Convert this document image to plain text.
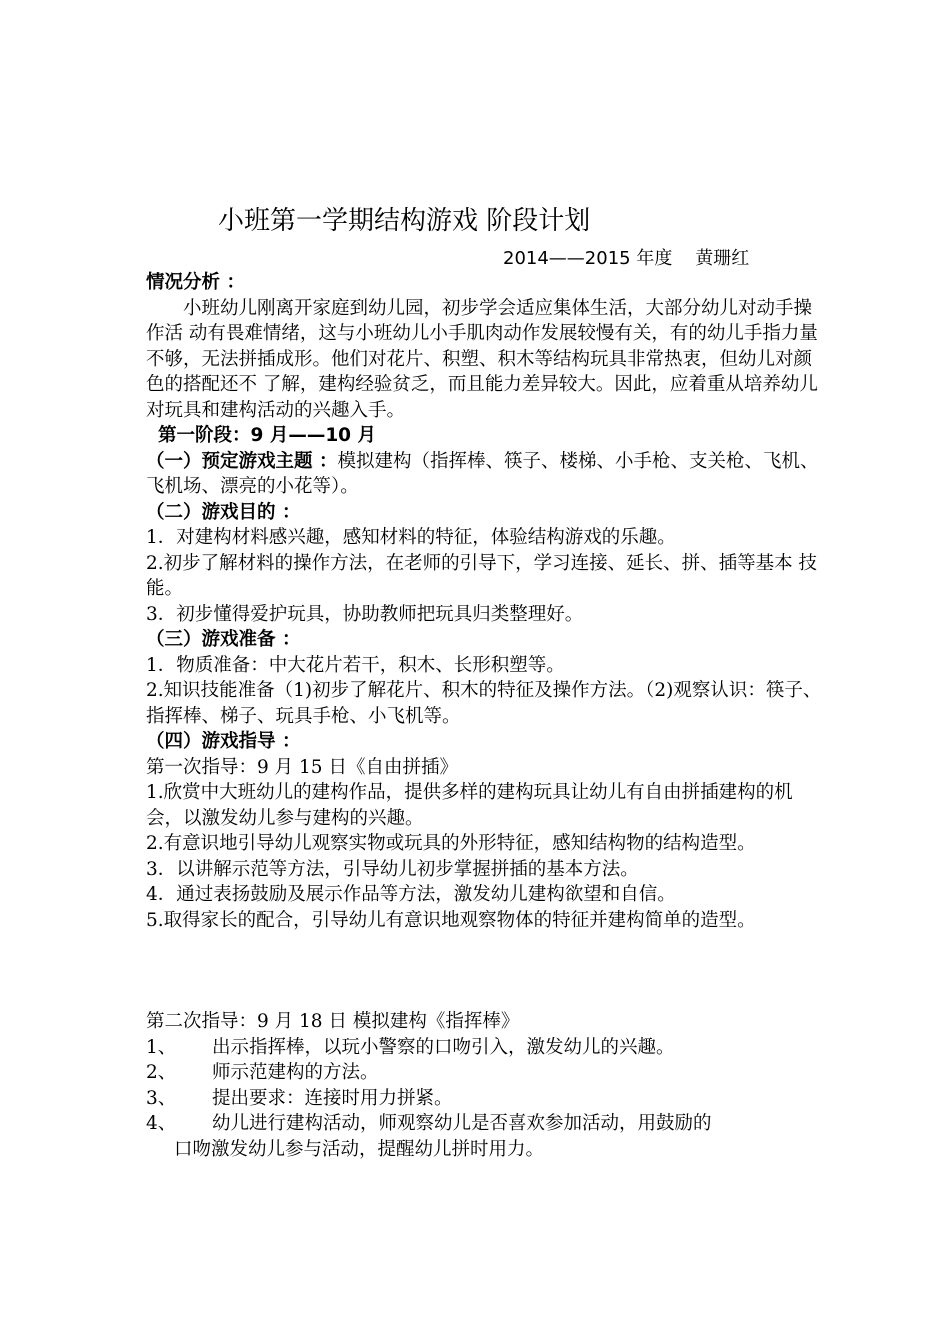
小班第一学期结构游戏 阶段计划
2014——2015 年度    黄珊红

情况分析 ：

小班幼儿刚离开家庭到幼儿园，初步学会适应集体生活，大部分幼儿对动手操作活 动有畏难情绪，这与小班幼儿小手肌肉动作发展较慢有关，有的幼儿手指力量不够，无法拼插成形。他们对花片、积塑、积木等结构玩具非常热衷，但幼儿对颜色的搭配还不 了解，建构经验贫乏，而且能力差异较大。因此，应着重从培养幼儿对玩具和建构活动的兴趣入手。

第一阶段：9 月——10 月

（一）预定游戏主题 ：模拟建构（指挥棒、筷子、楼梯、小手枪、支关枪、飞机、飞机场、漂亮的小花等）。

（二）游戏目的 ：

1．对建构材料感兴趣，感知材料的特征，体验结构游戏的乐趣。

2.初步了解材料的操作方法，在老师的引导下，学习连接、延长、拼、插等基本 技能。

3．初步懂得爱护玩具，协助教师把玩具归类整理好。

（三）游戏准备 ：

1．物质准备：中大花片若干，积木、长形积塑等。

2.知识技能准备（1)初步了解花片、积木的特征及操作方法。（2)观察认识：筷子、指挥棒、梯子、玩具手枪、小飞机等。

（四）游戏指导 ：

第一次指导：9 月 15 日《自由拼插》

1.欣赏中大班幼儿的建构作品，提供多样的建构玩具让幼儿有自由拼插建构的机会，以激发幼儿参与建构的兴趣。

2.有意识地引导幼儿观察实物或玩具的外形特征，感知结构物的结构造型。

3．以讲解示范等方法，引导幼儿初步掌握拼插的基本方法。

4．通过表扬鼓励及展示作品等方法，激发幼儿建构欲望和自信。

5.取得家长的配合，引导幼儿有意识地观察物体的特征并建构简单的造型。

第二次指导：9 月 18 日 模拟建构《指挥棒》

1、	出示指挥棒，以玩小警察的口吻引入，激发幼儿的兴趣。
2、	师示范建构的方法。
3、	提出要求：连接时用力拼紧。
4、	幼儿进行建构活动，师观察幼儿是否喜欢参加活动，用鼓励的

口吻激发幼儿参与活动，提醒幼儿拼时用力。
